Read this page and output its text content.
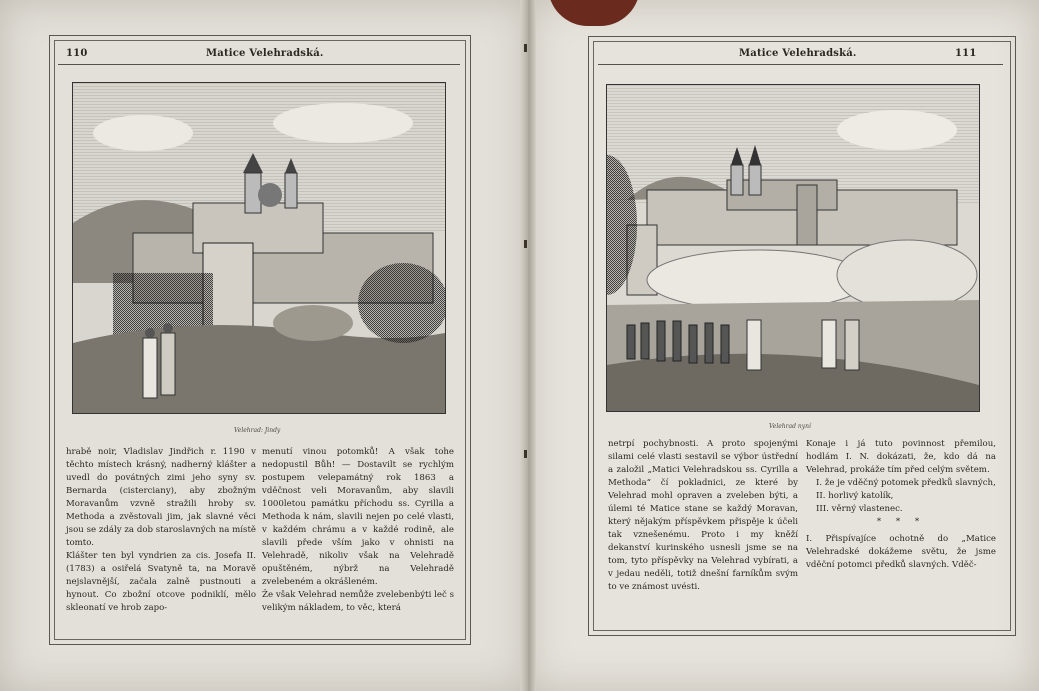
110	Matice Velehradská.
Velehrad: Jindy

hrabě noir, Vladislav Jindřich r. 1190 v těchto místech krásný, nadherný klášter a uvedl do povátných zimi jeho syny sv. Bernarda (cisterciany), aby zbožným Moravanům vzvně stražili hroby sv. Methoda a zvěstovali jim, jak slavné věci jsou se zdály za dob staroslavných na místě tomto.
Klášter ten byl vyndrien za cis. Josefa II. (1783) a osiřelá Svatyně ta, na Moravě nejslavnější, začala zalně pustnouti a hynout. Co zbožní otcove podniklí, mělo skleonatí ve hrob zapo-

menutí vinou potomků! A však tohe nedopustil Bůh! — Dostavilt se rychlým postupem velepamátný rok 1863 a vděčnost veli Moravanům, aby slavili 1000letou památku příchodu ss. Cyrilla a Methoda k nám, slavili nejen po celé vlasti, v každém chrámu a v každé rodině, ale slavili přede vším jako v ohnisti na Velehradě, nikoliv však na Velehradě opuštěném, nýbrž na Velehradě zvelebeném a okrášleném.
Že však Velehrad nemůže zvelebenbýti leč s velikým nákladem, to věc, která

Matice Velehradská.	111
Velehrad nyní

netrpí pochybnosti. A proto spojenými silami celé vlasti sestavil se výbor ústřední a založil „Matici Velehradskou ss. Cyrilla a Methoda“ čí pokladnici, ze které by Velehrad mohl opraven a zveleben býti, a úlemi té Matice stane se každý Moravan, který nějakým příspěvkem přispěje k účeli tak vznešenému. Proto i my kněží dekanství kurinského usnesli jsme se na tom, tyto příspěvky na Velehrad vybírati, a v jedau neděli, totiž dnešní farníkům svým to ve známost uvésti.

Konaje i já tuto povinnost přemilou, hodlám I. N. dokázati, že, kdo dá na Velehrad, prokáže tím před celým světem.

I. že je vděčný potomek předků slavných,

II. horlivý katolík,

III. věrný vlastenec.

* * *

I. Přispívajíce ochotně do „Matice Velehradské dokážeme světu, že jsme vděční potomci předků slavných. Vděč-
